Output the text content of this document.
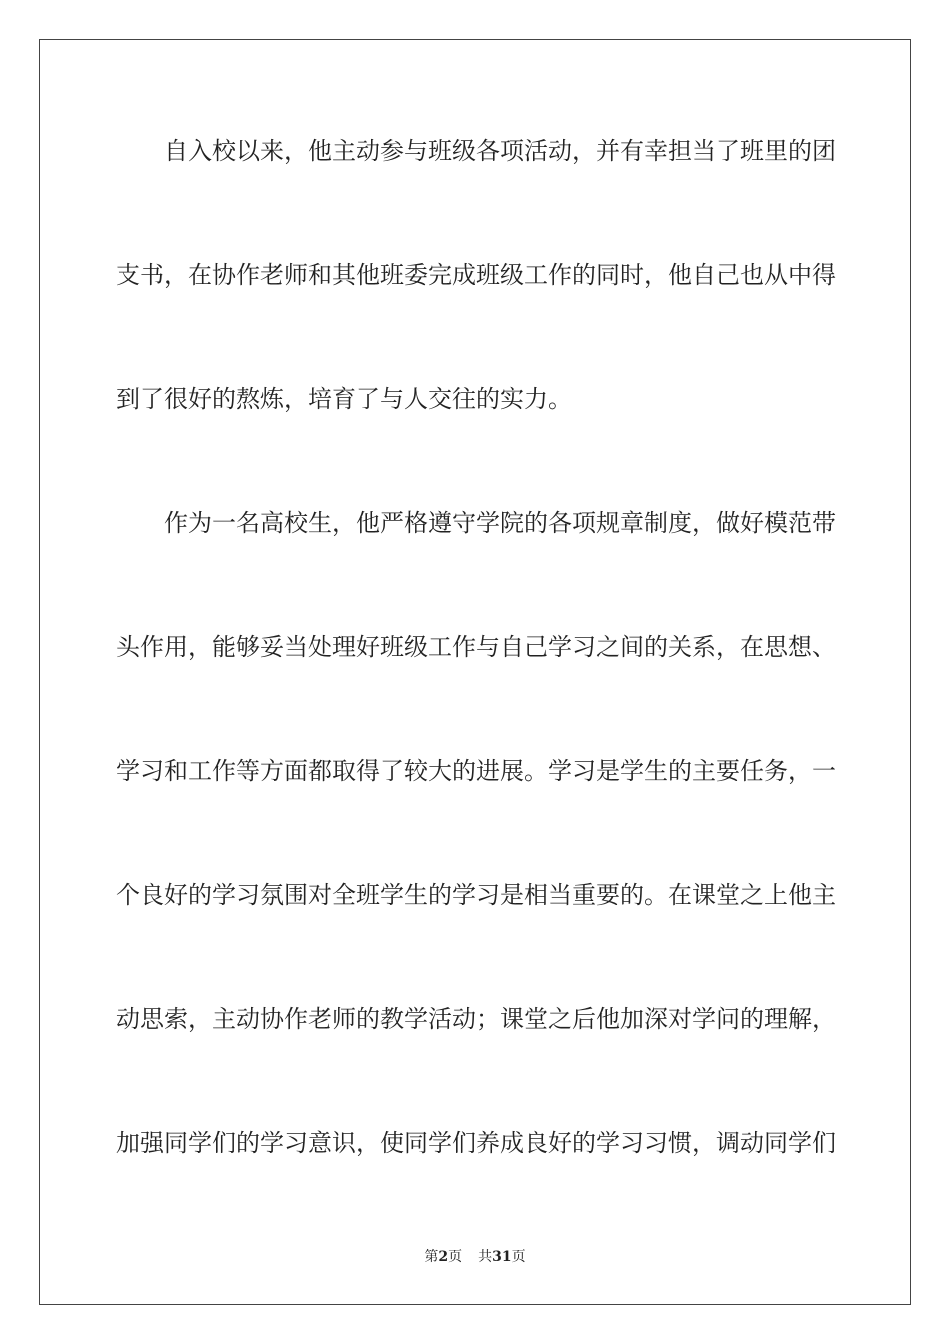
自入校以来，他主动参与班级各项活动，并有幸担当了班里的团
支书，在协作老师和其他班委完成班级工作的同时，他自己也从中得
到了很好的熬炼，培育了与人交往的实力。
作为一名高校生，他严格遵守学院的各项规章制度，做好模范带
头作用，能够妥当处理好班级工作与自己学习之间的关系，在思想、
学习和工作等方面都取得了较大的进展。学习是学生的主要任务，一
个良好的学习氛围对全班学生的学习是相当重要的。在课堂之上他主
动思索，主动协作老师的教学活动；课堂之后他加深对学问的理解，
加强同学们的学习意识，使同学们养成良好的学习习惯，调动同学们
第2页 共31页
